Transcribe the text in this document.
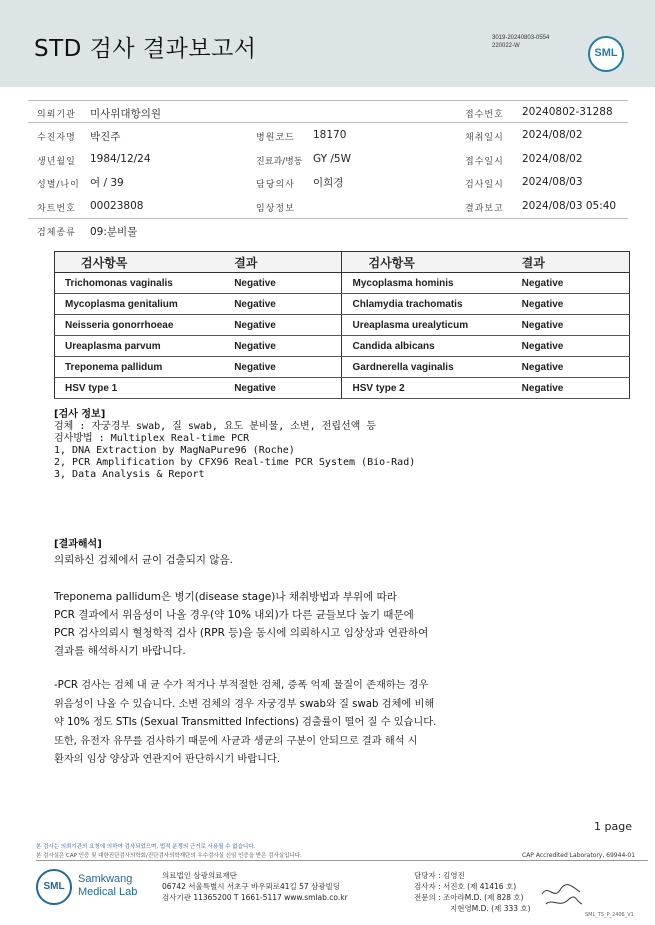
STD 검사 결과보고서	3019-20240803-0554
220022-W
SML
의뢰기관 미사위대항의원	접수번호 20240802-31288
수진자명 박진주	병원코드 18170	채취일시 2024/08/02
생년월일 1984/12/24	진료과/병동 GY /5W	접수일시 2024/08/02
성별/나이 여 / 39	담당의사 이희경	검사일시 2024/08/03
차트번호 00023808	임상정보	결과보고 2024/08/03 05:40
검체종류 09:분비물
검사항목	결과	검사항목	결과
Trichomonas vaginalis	Negative	Mycoplasma hominis	Negative
Mycoplasma genitalium	Negative	Chlamydia trachomatis	Negative
Neisseria gonorrhoeae	Negative	Ureaplasma urealyticum	Negative
Ureaplasma parvum	Negative	Candida albicans	Negative
Treponema pallidum	Negative	Gardnerella vaginalis	Negative
HSV type 1	Negative	HSV type 2	Negative
[검사 정보]
검체 : 자궁경부 swab, 질 swab, 요도 분비물, 소변, 전립선액 등
검사방법 : Multiplex Real-time PCR
1, DNA Extraction by MagNaPure96 (Roche)
2, PCR Amplification by CFX96 Real-time PCR System (Bio-Rad)
3, Data Analysis & Report
[결과해석]
의뢰하신 검체에서 균이 검출되지 않음.
Treponema pallidum은 병기(disease stage)나 채취방법과 부위에 따라
PCR 결과에서 위음성이 나올 경우(약 10% 내외)가 다른 균들보다 높기 때문에
PCR 검사의뢰시 혈청학적 검사 (RPR 등)을 동시에 의뢰하시고 임상상과 연관하여
결과를 해석하시기 바랍니다.
-PCR 검사는 검체 내 균 수가 적거나 부적절한 검체, 증폭 억제 물질이 존재하는 경우
위음성이 나올 수 있습니다. 소변 검체의 경우 자궁경부 swab와 질 swab 검체에 비해
약 10% 정도 STIs (Sexual Transmitted Infections) 검출률이 떨어 질 수 있습니다.
또한, 유전자 유무를 검사하기 때문에 사균과 생균의 구분이 안되므로 결과 해석 시
환자의 임상 양상과 연관지어 판단하시기 바랍니다.
1 page
본 검사는 의뢰기관의 요청에 의하여 검사되었으며, 법적 분쟁의 근거로 사용될 수 없습니다.
본 검사실은 CAP 인증 및 대한진단검사의학회/진단검사의학재단의 우수검사실 신임 인증을 받은 검사실입니다.	CAP Accredited Laboratory, 69944-01
SML
Samkwang
Medical Lab
의료법인 삼광의료재단
06742 서울특별시 서초구 바우뫼로41길 57 삼광빌딩
검사기관 11365200 T 1661-5117 www.smlab.co.kr
담당자 : 김영진
검사자 : 서진호 (제 41416 호)
전문의 : 조아라M.D. (제 828 호)
지현영M.D. (제 333 호)
SML_TS_P_2406_V1
